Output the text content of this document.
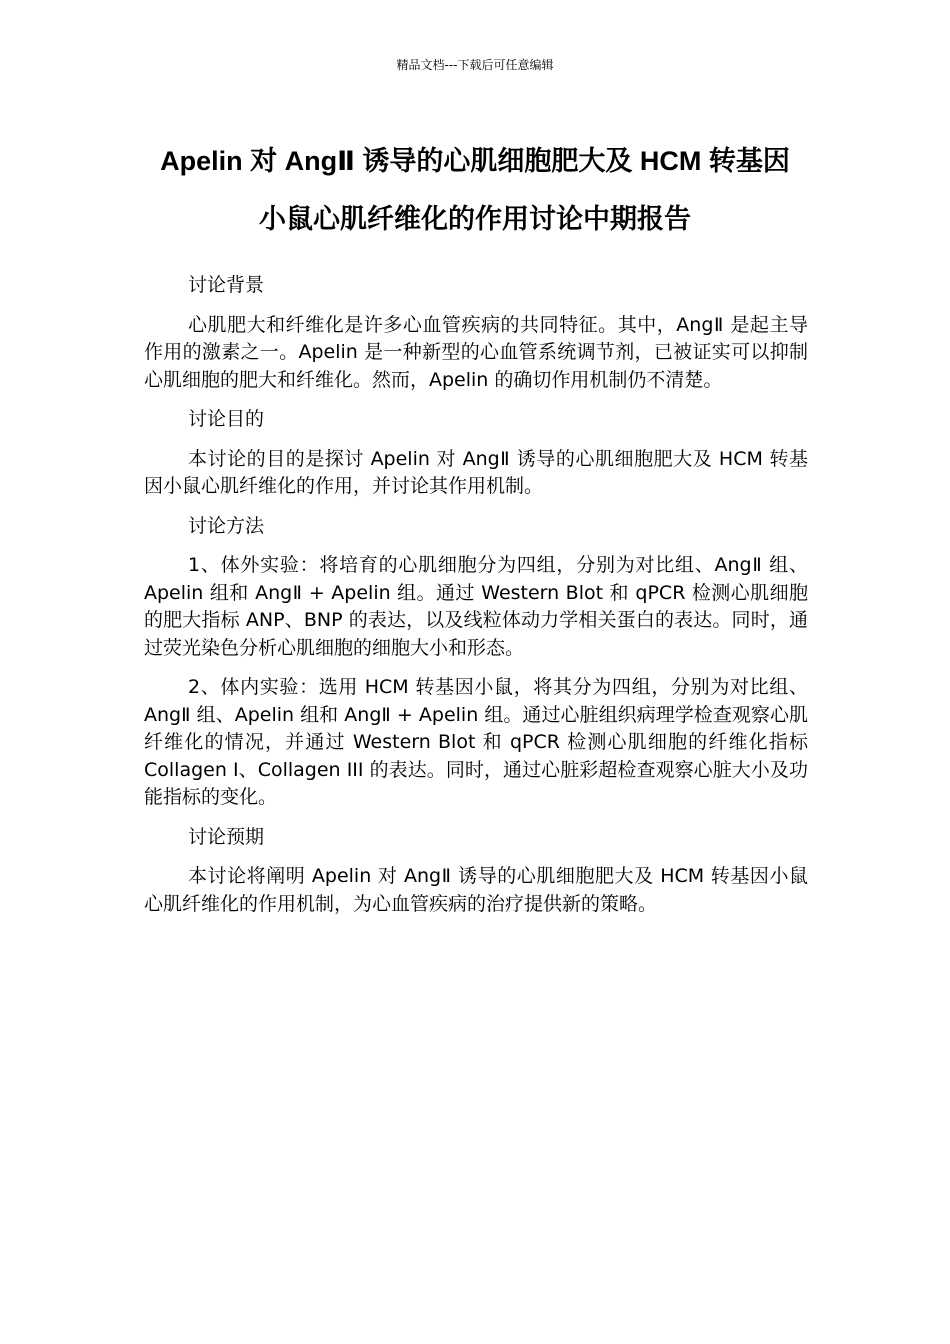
精品文档---下载后可任意编辑
Apelin 对 AngⅡ 诱导的心肌细胞肥大及 HCM 转基因
小鼠心肌纤维化的作用讨论中期报告

讨论背景

心肌肥大和纤维化是许多心血管疾病的共同特征。其中，AngⅡ 是起主导作用的激素之一。Apelin 是一种新型的心血管系统调节剂，已被证实可以抑制心肌细胞的肥大和纤维化。然而，Apelin 的确切作用机制仍不清楚。

讨论目的

本讨论的目的是探讨 Apelin 对 AngⅡ 诱导的心肌细胞肥大及 HCM 转基因小鼠心肌纤维化的作用，并讨论其作用机制。

讨论方法

1、体外实验：将培育的心肌细胞分为四组，分别为对比组、AngⅡ 组、Apelin 组和 AngⅡ + Apelin 组。通过 Western Blot 和 qPCR 检测心肌细胞的肥大指标 ANP、BNP 的表达，以及线粒体动力学相关蛋白的表达。同时，通过荧光染色分析心肌细胞的细胞大小和形态。

2、体内实验：选用 HCM 转基因小鼠，将其分为四组，分别为对比组、AngⅡ 组、Apelin 组和 AngⅡ + Apelin 组。通过心脏组织病理学检查观察心肌纤维化的情况，并通过 Western Blot 和 qPCR 检测心肌细胞的纤维化指标 Collagen I、Collagen III 的表达。同时，通过心脏彩超检查观察心脏大小及功能指标的变化。

讨论预期

本讨论将阐明 Apelin 对 AngⅡ 诱导的心肌细胞肥大及 HCM 转基因小鼠心肌纤维化的作用机制，为心血管疾病的治疗提供新的策略。
